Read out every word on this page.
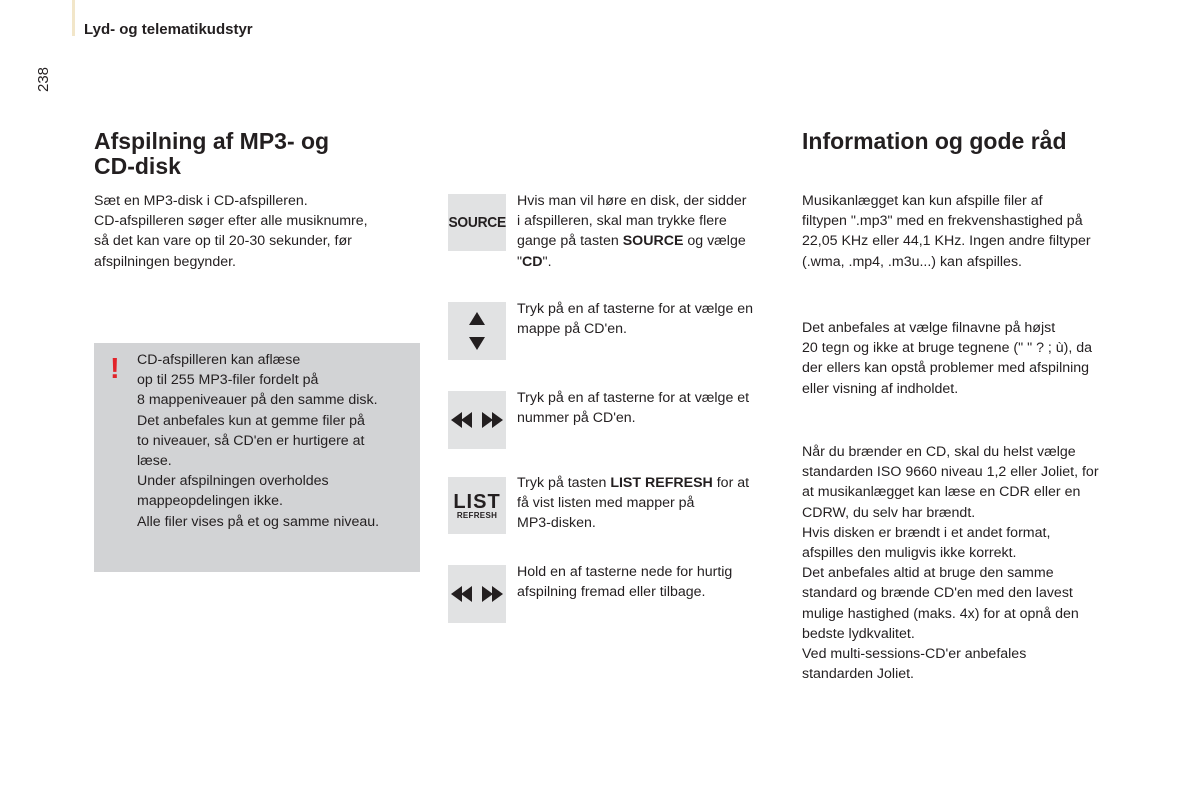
Lyd- og telematikudstyr
238
Afspilning af MP3- og
CD-disk

Sæt en MP3-disk i CD-afspilleren.

CD-afspilleren søger efter alle musiknumre,

så det kan vare op til 20-30 sekunder, før

afspilningen begynder.

! CD-afspilleren kan aflæse

op til 255 MP3-filer fordelt på

8 mappeniveauer på den samme disk.

Det anbefales kun at gemme filer på

to niveauer, så CD'en er hurtigere at

læse.

Under afspilningen overholdes

mappeopdelingen ikke.

Alle filer vises på et og samme niveau.

SOURCE

Hvis man vil høre en disk, der sidder

i afspilleren, skal man trykke flere

gange på tasten SOURCE og vælge

"CD".

Tryk på en af tasterne for at vælge en

mappe på CD'en.

Tryk på en af tasterne for at vælge et

nummer på CD'en.

LIST
REFRESH

Tryk på tasten LIST REFRESH for at

få vist listen med mapper på

MP3-disken.

Hold en af tasterne nede for hurtig

afspilning fremad eller tilbage.

Information og gode råd

Musikanlægget kan kun afspille filer af

filtypen ".mp3" med en frekvenshastighed på

22,05 KHz eller 44,1 KHz. Ingen andre filtyper

(.wma, .mp4, .m3u...) kan afspilles.

Det anbefales at vælge filnavne på højst

20 tegn og ikke at bruge tegnene (" " ? ; ù), da

der ellers kan opstå problemer med afspilning

eller visning af indholdet.

Når du brænder en CD, skal du helst vælge

standarden ISO 9660 niveau 1,2 eller Joliet, for

at musikanlægget kan læse en CDR eller en

CDRW, du selv har brændt.

Hvis disken er brændt i et andet format,

afspilles den muligvis ikke korrekt.

Det anbefales altid at bruge den samme

standard og brænde CD'en med den lavest

mulige hastighed (maks. 4x) for at opnå den

bedste lydkvalitet.

Ved multi-sessions-CD'er anbefales

standarden Joliet.
